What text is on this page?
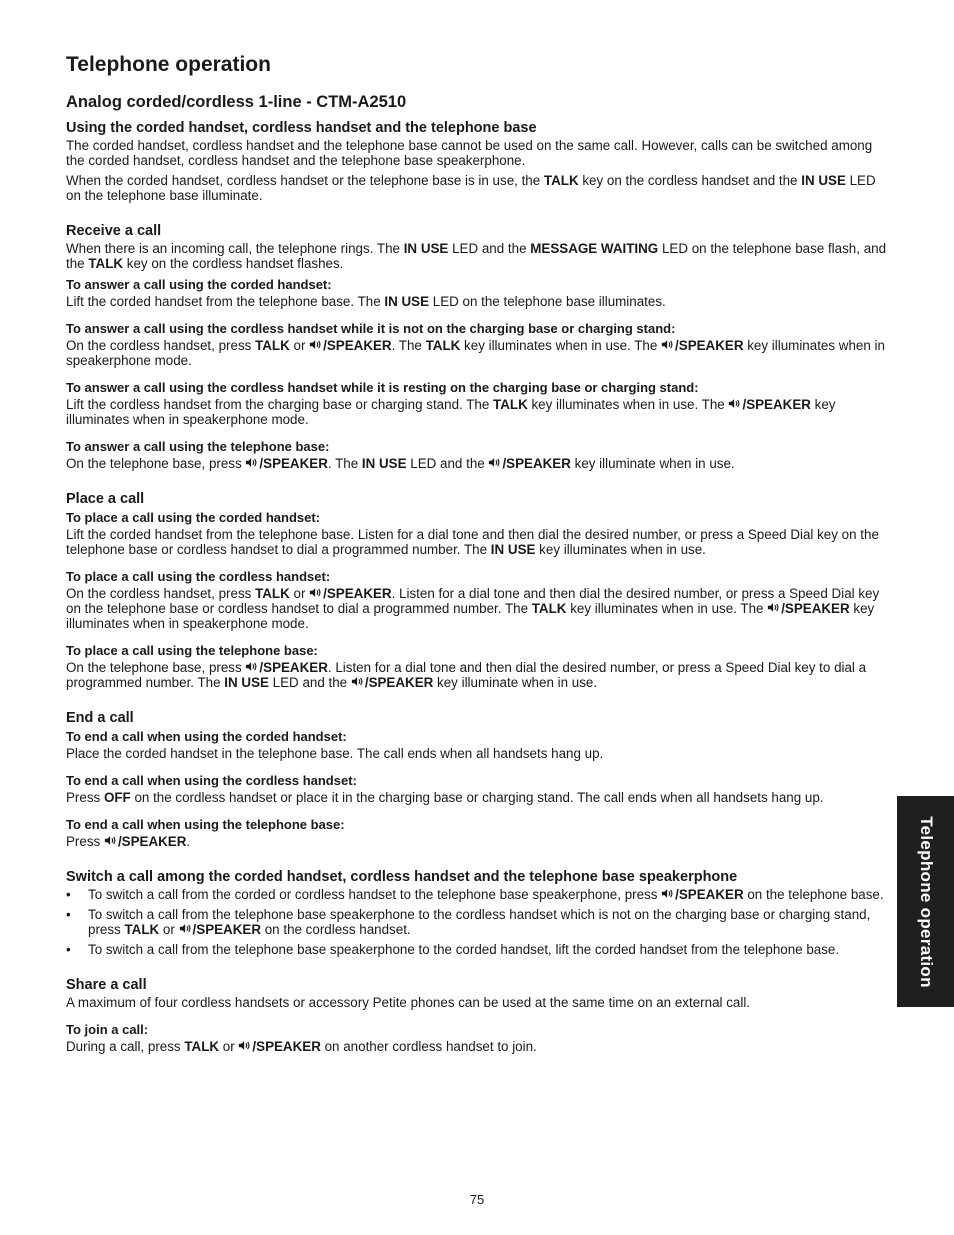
Telephone operation
Analog corded/cordless 1-line - CTM-A2510
Using the corded handset, cordless handset and the telephone base

The corded handset, cordless handset and the telephone base cannot be used on the same call. However, calls can be switched among the corded handset, cordless handset and the telephone base speakerphone.

When the corded handset, cordless handset or the telephone base is in use, the TALK key on the cordless handset and the IN USE LED on the telephone base illuminate.

Receive a call

When there is an incoming call, the telephone rings. The IN USE LED and the MESSAGE WAITING LED on the telephone base flash, and the TALK key on the cordless handset flashes.

To answer a call using the corded handset:

Lift the corded handset from the telephone base. The IN USE LED on the telephone base illuminates.

To answer a call using the cordless handset while it is not on the charging base or charging stand:

On the cordless handset, press TALK or /SPEAKER. The TALK key illuminates when in use. The /SPEAKER key illuminates when in speakerphone mode.

To answer a call using the cordless handset while it is resting on the charging base or charging stand:

Lift the cordless handset from the charging base or charging stand. The TALK key illuminates when in use. The /SPEAKER key illuminates when in speakerphone mode.

To answer a call using the telephone base:

On the telephone base, press /SPEAKER. The IN USE LED and the /SPEAKER key illuminate when in use.

Place a call
To place a call using the corded handset:

Lift the corded handset from the telephone base. Listen for a dial tone and then dial the desired number, or press a Speed Dial key on the telephone base or cordless handset to dial a programmed number. The IN USE key illuminates when in use.

To place a call using the cordless handset:

On the cordless handset, press TALK or /SPEAKER. Listen for a dial tone and then dial the desired number, or press a Speed Dial key on the telephone base or cordless handset to dial a programmed number. The TALK key illuminates when in use. The /SPEAKER key illuminates when in speakerphone mode.

To place a call using the telephone base:

On the telephone base, press /SPEAKER. Listen for a dial tone and then dial the desired number, or press a Speed Dial key to dial a programmed number. The IN USE LED and the /SPEAKER key illuminate when in use.

End a call
To end a call when using the corded handset:

Place the corded handset in the telephone base. The call ends when all handsets hang up.

To end a call when using the cordless handset:

Press OFF on the cordless handset or place it in the charging base or charging stand. The call ends when all handsets hang up.

To end a call when using the telephone base:

Press /SPEAKER.

Switch a call among the corded handset, cordless handset and the telephone base speakerphone
• To switch a call from the corded or cordless handset to the telephone base speakerphone, press /SPEAKER on the telephone base.
• To switch a call from the telephone base speakerphone to the cordless handset which is not on the charging base or charging stand, press TALK or /SPEAKER on the cordless handset.
• To switch a call from the telephone base speakerphone to the corded handset, lift the corded handset from the telephone base.
Share a call

A maximum of four cordless handsets or accessory Petite phones can be used at the same time on an external call.

To join a call:

During a call, press TALK or /SPEAKER on another cordless handset to join.

Telephone operation
75
